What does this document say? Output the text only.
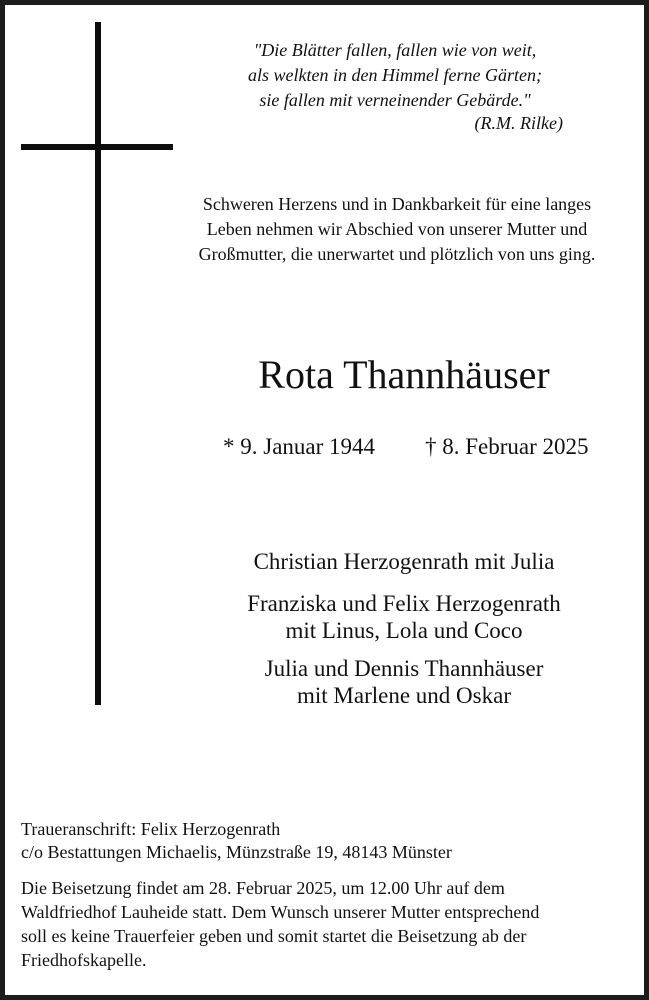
"Die Blätter fallen, fallen wie von weit,
als welkten in den Himmel ferne Gärten;
sie fallen mit verneinender Gebärde."
(R.M. Rilke)
Schweren Herzens und in Dankbarkeit für eine langes
Leben nehmen wir Abschied von unserer Mutter und
Großmutter, die unerwartet und plötzlich von uns ging.
Rota Thannhäuser
* 9. Januar 1944 † 8. Februar 2025
Christian Herzogenrath mit Julia
Franziska und Felix Herzogenrath
mit Linus, Lola und Coco
Julia und Dennis Thannhäuser
mit Marlene und Oskar
Traueranschrift: Felix Herzogenrath
c/o Bestattungen Michaelis, Münzstraße 19, 48143 Münster
Die Beisetzung findet am 28. Februar 2025, um 12.00 Uhr auf dem
Waldfriedhof Lauheide statt. Dem Wunsch unserer Mutter entsprechend
soll es keine Trauerfeier geben und somit startet die Beisetzung ab der
Friedhofskapelle.
